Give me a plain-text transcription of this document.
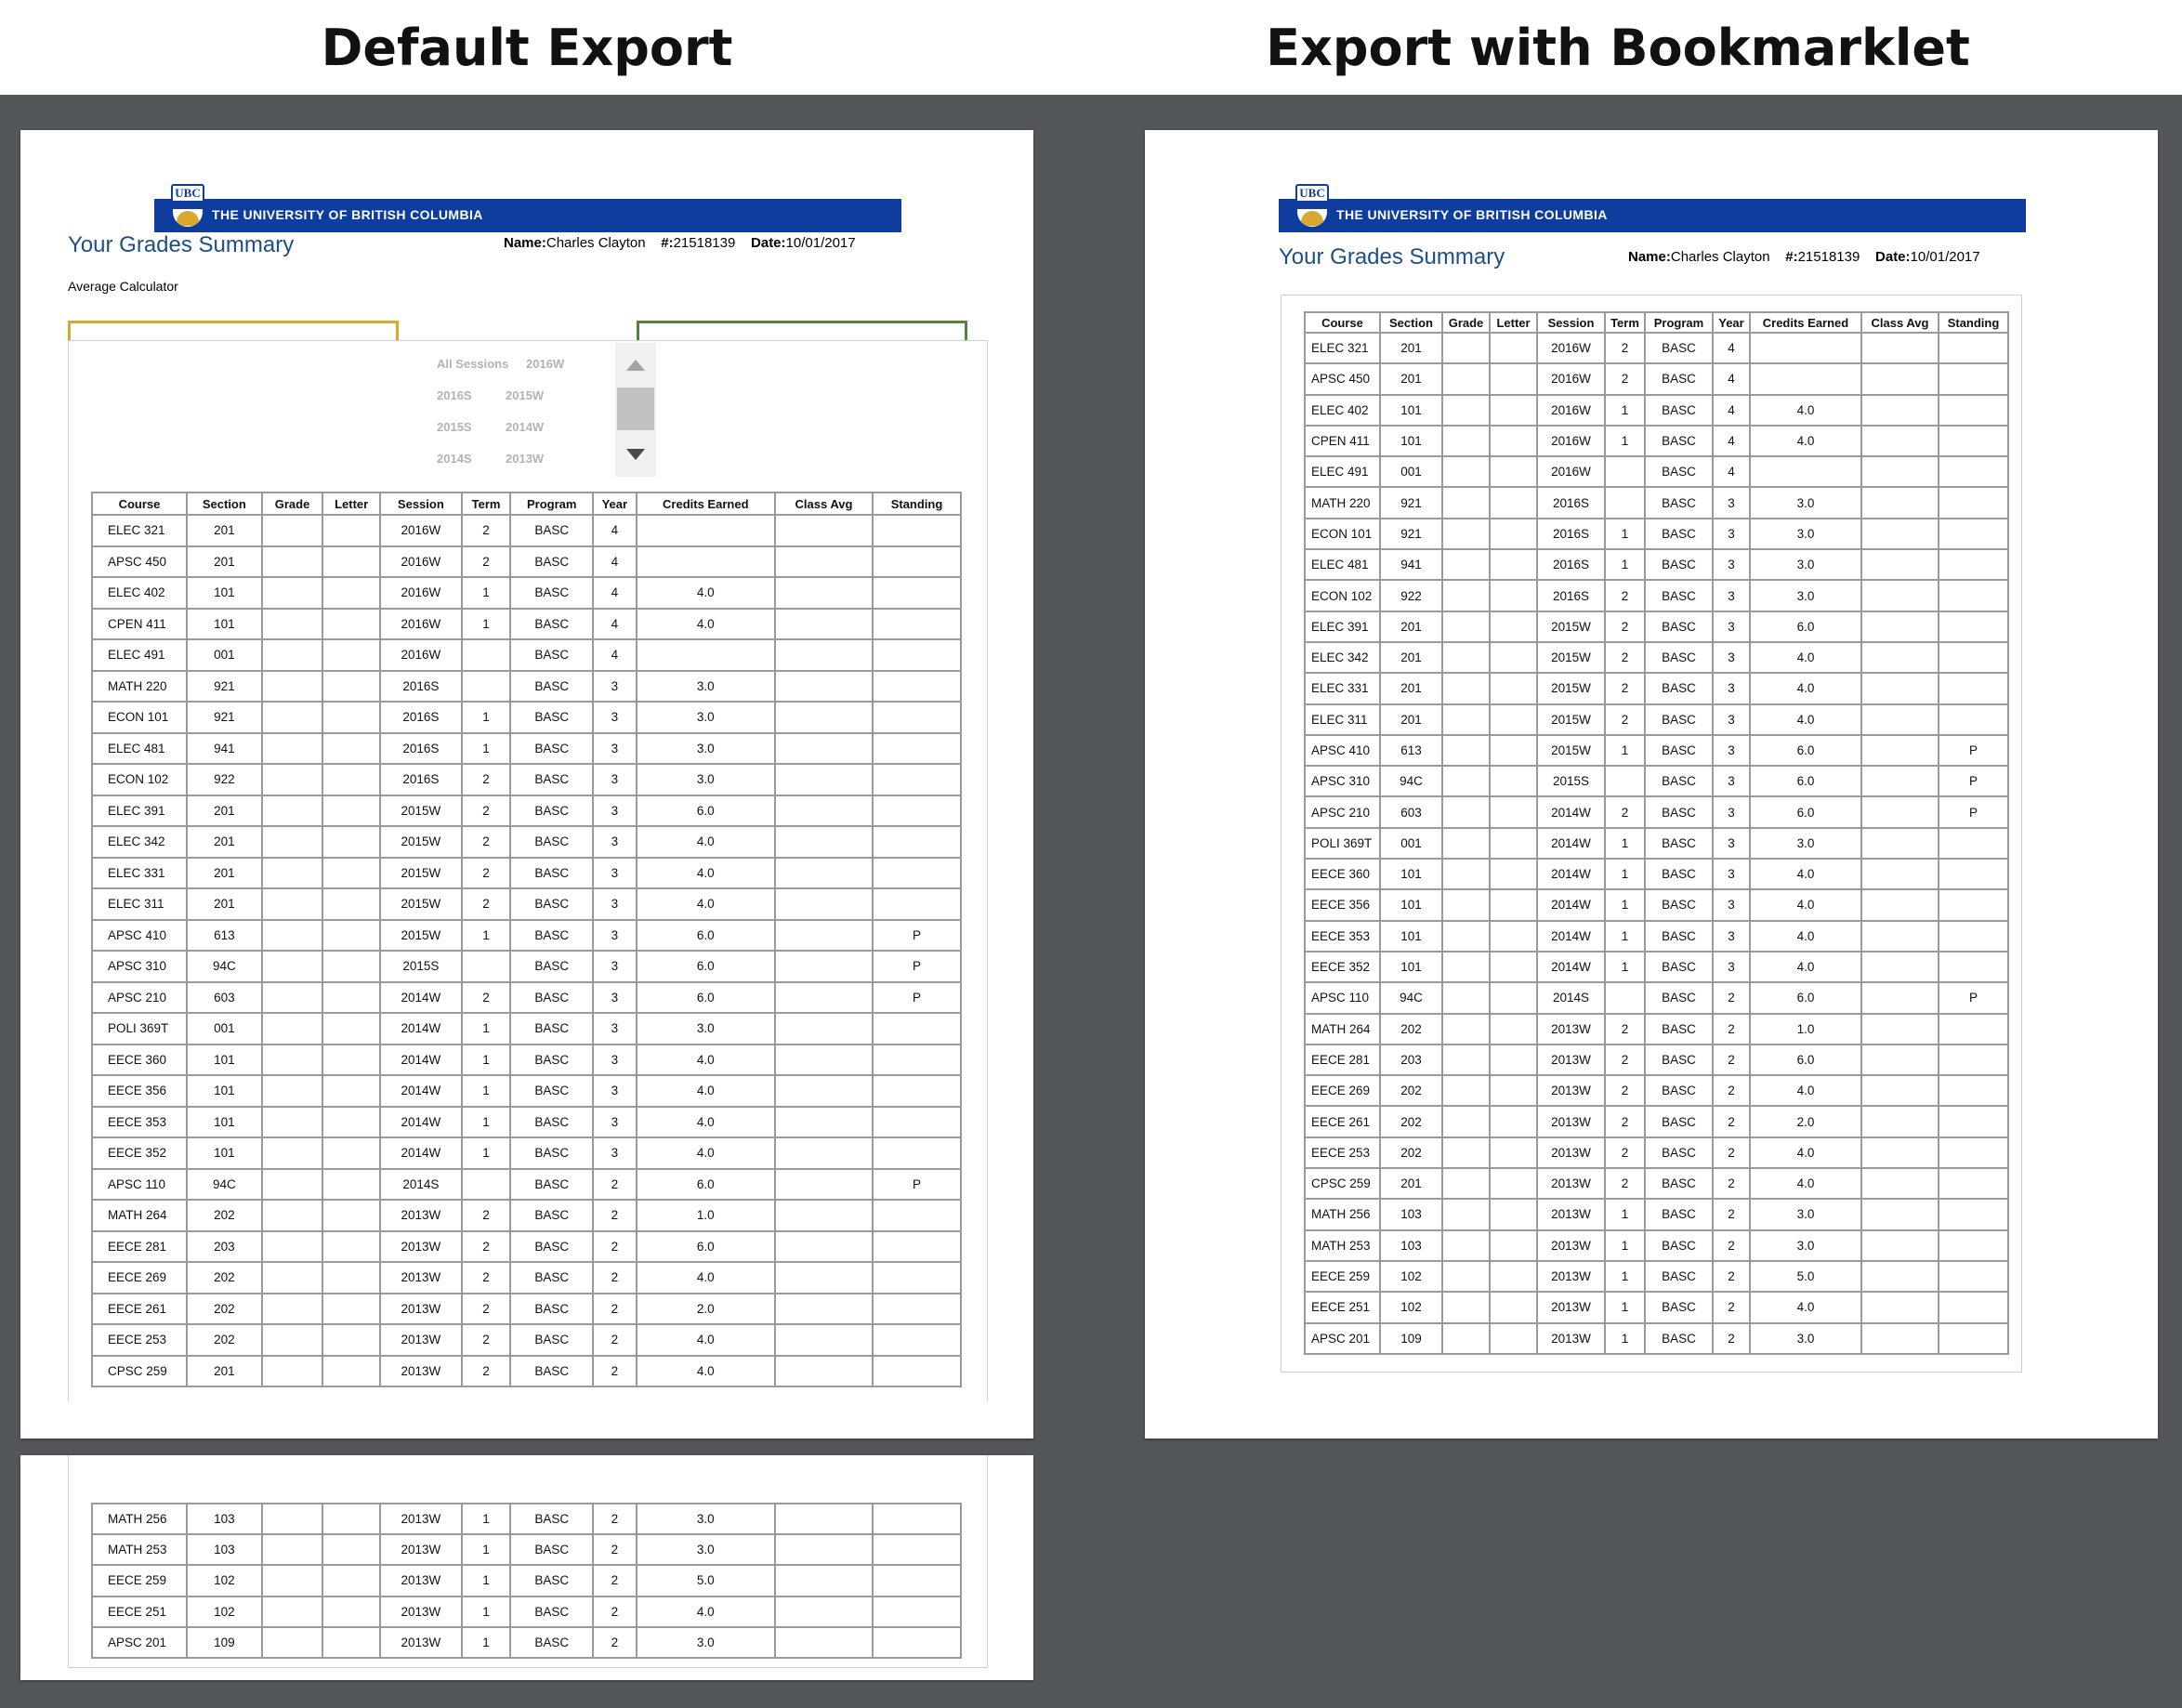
Default Export	Export with Bookmarklet
THE UNIVERSITY OF BRITISH COLUMBIA
UBC
Your Grades Summary	Name:Charles Clayton #:21518139 Date:10/01/2017
Average Calculator
All Sessions 2016W
2016S	2015W
2015S	2014W
2014S	2013W
Course	Section	Grade	Letter	Session	Term	Program	Year	Credits Earned	Class Avg	Standing
ELEC 321	201			2016W	2	BASC	4			
APSC 450	201			2016W	2	BASC	4			
ELEC 402	101			2016W	1	BASC	4	4.0		
CPEN 411	101			2016W	1	BASC	4	4.0		
ELEC 491	001			2016W		BASC	4			
MATH 220	921			2016S		BASC	3	3.0		
ECON 101	921			2016S	1	BASC	3	3.0		
ELEC 481	941			2016S	1	BASC	3	3.0		
ECON 102	922			2016S	2	BASC	3	3.0		
ELEC 391	201			2015W	2	BASC	3	6.0		
ELEC 342	201			2015W	2	BASC	3	4.0		
ELEC 331	201			2015W	2	BASC	3	4.0		
ELEC 311	201			2015W	2	BASC	3	4.0		
APSC 410	613			2015W	1	BASC	3	6.0		P
APSC 310	94C			2015S		BASC	3	6.0		P
APSC 210	603			2014W	2	BASC	3	6.0		P
POLI 369T	001			2014W	1	BASC	3	3.0		
EECE 360	101			2014W	1	BASC	3	4.0		
EECE 356	101			2014W	1	BASC	3	4.0		
EECE 353	101			2014W	1	BASC	3	4.0		
EECE 352	101			2014W	1	BASC	3	4.0		
APSC 110	94C			2014S		BASC	2	6.0		P
MATH 264	202			2013W	2	BASC	2	1.0		
EECE 281	203			2013W	2	BASC	2	6.0		
EECE 269	202			2013W	2	BASC	2	4.0		
EECE 261	202			2013W	2	BASC	2	2.0		
EECE 253	202			2013W	2	BASC	2	4.0		
CPSC 259	201			2013W	2	BASC	2	4.0		
MATH 256	103			2013W	1	BASC	2	3.0		
MATH 253	103			2013W	1	BASC	2	3.0		
EECE 259	102			2013W	1	BASC	2	5.0		
EECE 251	102			2013W	1	BASC	2	4.0		
APSC 201	109			2013W	1	BASC	2	3.0		
THE UNIVERSITY OF BRITISH COLUMBIA
UBC
Your Grades Summary	Name:Charles Clayton #:21518139 Date:10/01/2017
Course	Section	Grade	Letter	Session	Term	Program	Year	Credits Earned	Class Avg	Standing
ELEC 321	201			2016W	2	BASC	4			
APSC 450	201			2016W	2	BASC	4			
ELEC 402	101			2016W	1	BASC	4	4.0		
CPEN 411	101			2016W	1	BASC	4	4.0		
ELEC 491	001			2016W		BASC	4			
MATH 220	921			2016S		BASC	3	3.0		
ECON 101	921			2016S	1	BASC	3	3.0		
ELEC 481	941			2016S	1	BASC	3	3.0		
ECON 102	922			2016S	2	BASC	3	3.0		
ELEC 391	201			2015W	2	BASC	3	6.0		
ELEC 342	201			2015W	2	BASC	3	4.0		
ELEC 331	201			2015W	2	BASC	3	4.0		
ELEC 311	201			2015W	2	BASC	3	4.0		
APSC 410	613			2015W	1	BASC	3	6.0		P
APSC 310	94C			2015S		BASC	3	6.0		P
APSC 210	603			2014W	2	BASC	3	6.0		P
POLI 369T	001			2014W	1	BASC	3	3.0		
EECE 360	101			2014W	1	BASC	3	4.0		
EECE 356	101			2014W	1	BASC	3	4.0		
EECE 353	101			2014W	1	BASC	3	4.0		
EECE 352	101			2014W	1	BASC	3	4.0		
APSC 110	94C			2014S		BASC	2	6.0		P
MATH 264	202			2013W	2	BASC	2	1.0		
EECE 281	203			2013W	2	BASC	2	6.0		
EECE 269	202			2013W	2	BASC	2	4.0		
EECE 261	202			2013W	2	BASC	2	2.0		
EECE 253	202			2013W	2	BASC	2	4.0		
CPSC 259	201			2013W	2	BASC	2	4.0		
MATH 256	103			2013W	1	BASC	2	3.0		
MATH 253	103			2013W	1	BASC	2	3.0		
EECE 259	102			2013W	1	BASC	2	5.0		
EECE 251	102			2013W	1	BASC	2	4.0		
APSC 201	109			2013W	1	BASC	2	3.0		
